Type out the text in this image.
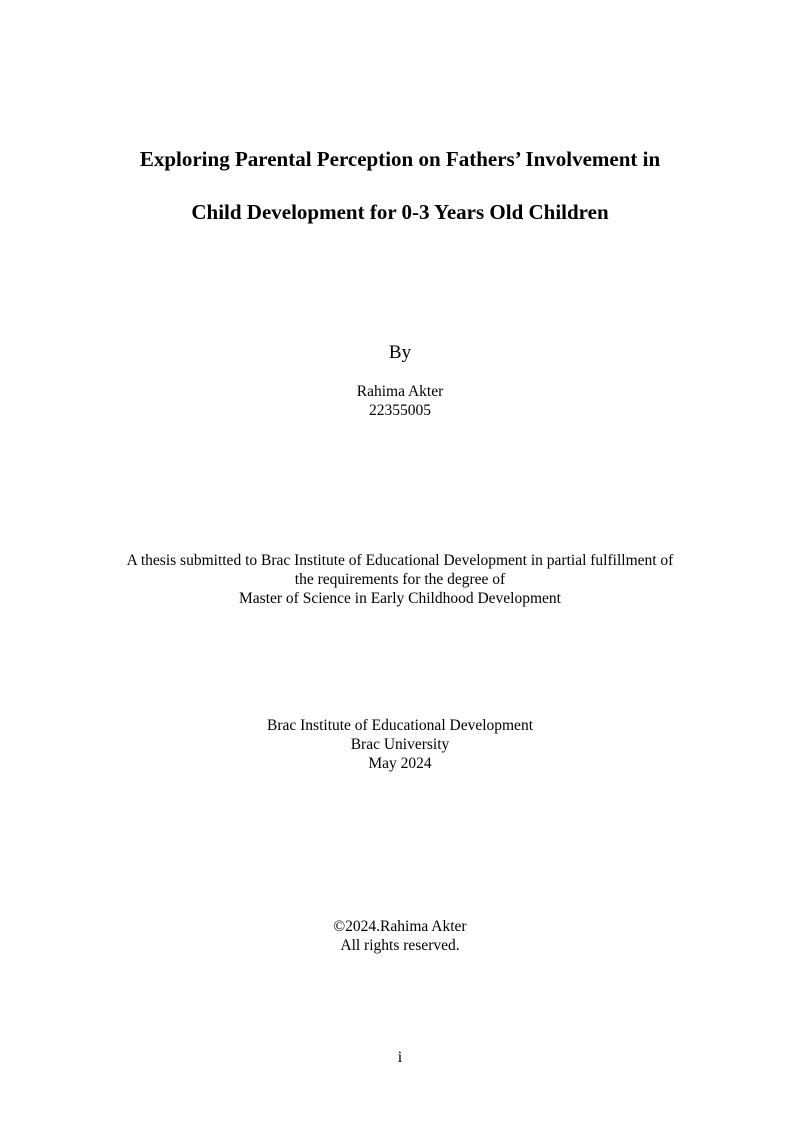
Exploring Parental Perception on Fathers’ Involvement in
Child Development for 0-3 Years Old Children
By
Rahima Akter
22355005
A thesis submitted to Brac Institute of Educational Development in partial fulfillment of
the requirements for the degree of
Master of Science in Early Childhood Development
Brac Institute of Educational Development
Brac University
May 2024
©2024.Rahima Akter
All rights reserved.
i
